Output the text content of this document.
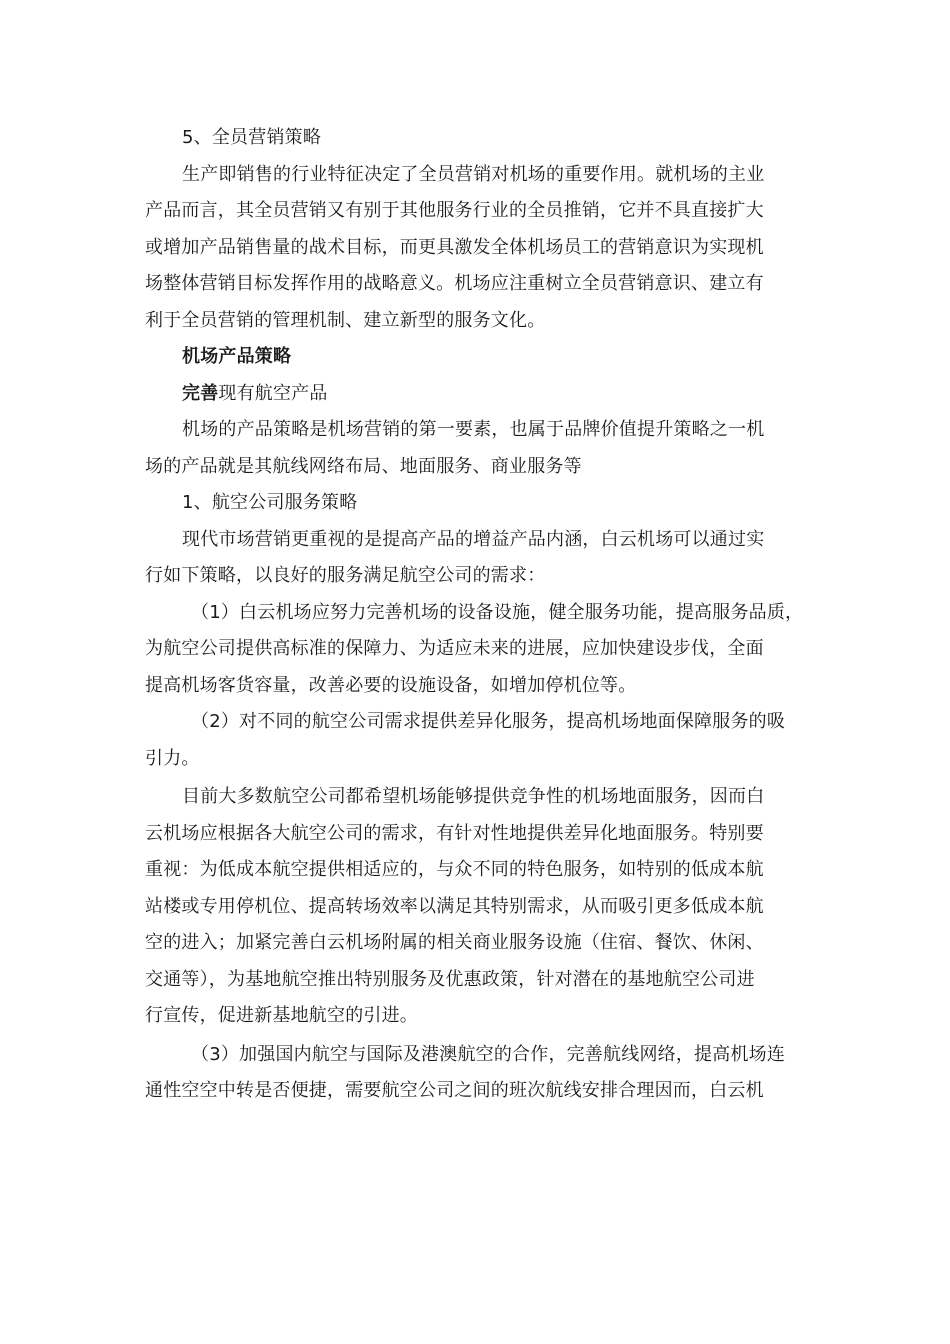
5、全员营销策略
生产即销售的行业特征决定了全员营销对机场的重要作用。就机场的主业
产品而言，其全员营销又有别于其他服务行业的全员推销，它并不具直接扩大
或增加产品销售量的战术目标，而更具激发全体机场员工的营销意识为实现机
场整体营销目标发挥作用的战略意义。机场应注重树立全员营销意识、建立有
利于全员营销的管理机制、建立新型的服务文化。
机场产品策略
完善现有航空产品
机场的产品策略是机场营销的第一要素，也属于品牌价值提升策略之一机
场的产品就是其航线网络布局、地面服务、商业服务等
1、航空公司服务策略
现代市场营销更重视的是提高产品的增益产品内涵，白云机场可以通过实
行如下策略，以良好的服务满足航空公司的需求：
（1）白云机场应努力完善机场的设备设施，健全服务功能，提高服务品质，
为航空公司提供高标准的保障力、为适应未来的进展，应加快建设步伐，全面
提高机场客货容量，改善必要的设施设备，如增加停机位等。
（2）对不同的航空公司需求提供差异化服务，提高机场地面保障服务的吸
引力。
目前大多数航空公司都希望机场能够提供竞争性的机场地面服务，因而白
云机场应根据各大航空公司的需求，有针对性地提供差异化地面服务。特别要
重视：为低成本航空提供相适应的，与众不同的特色服务，如特别的低成本航
站楼或专用停机位、提高转场效率以满足其特别需求，从而吸引更多低成本航
空的进入；加紧完善白云机场附属的相关商业服务设施（住宿、餐饮、休闲、
交通等），为基地航空推出特别服务及优惠政策，针对潜在的基地航空公司进
行宣传，促进新基地航空的引进。
（3）加强国内航空与国际及港澳航空的合作，完善航线网络，提高机场连
通性空空中转是否便捷，需要航空公司之间的班次航线安排合理因而，白云机
